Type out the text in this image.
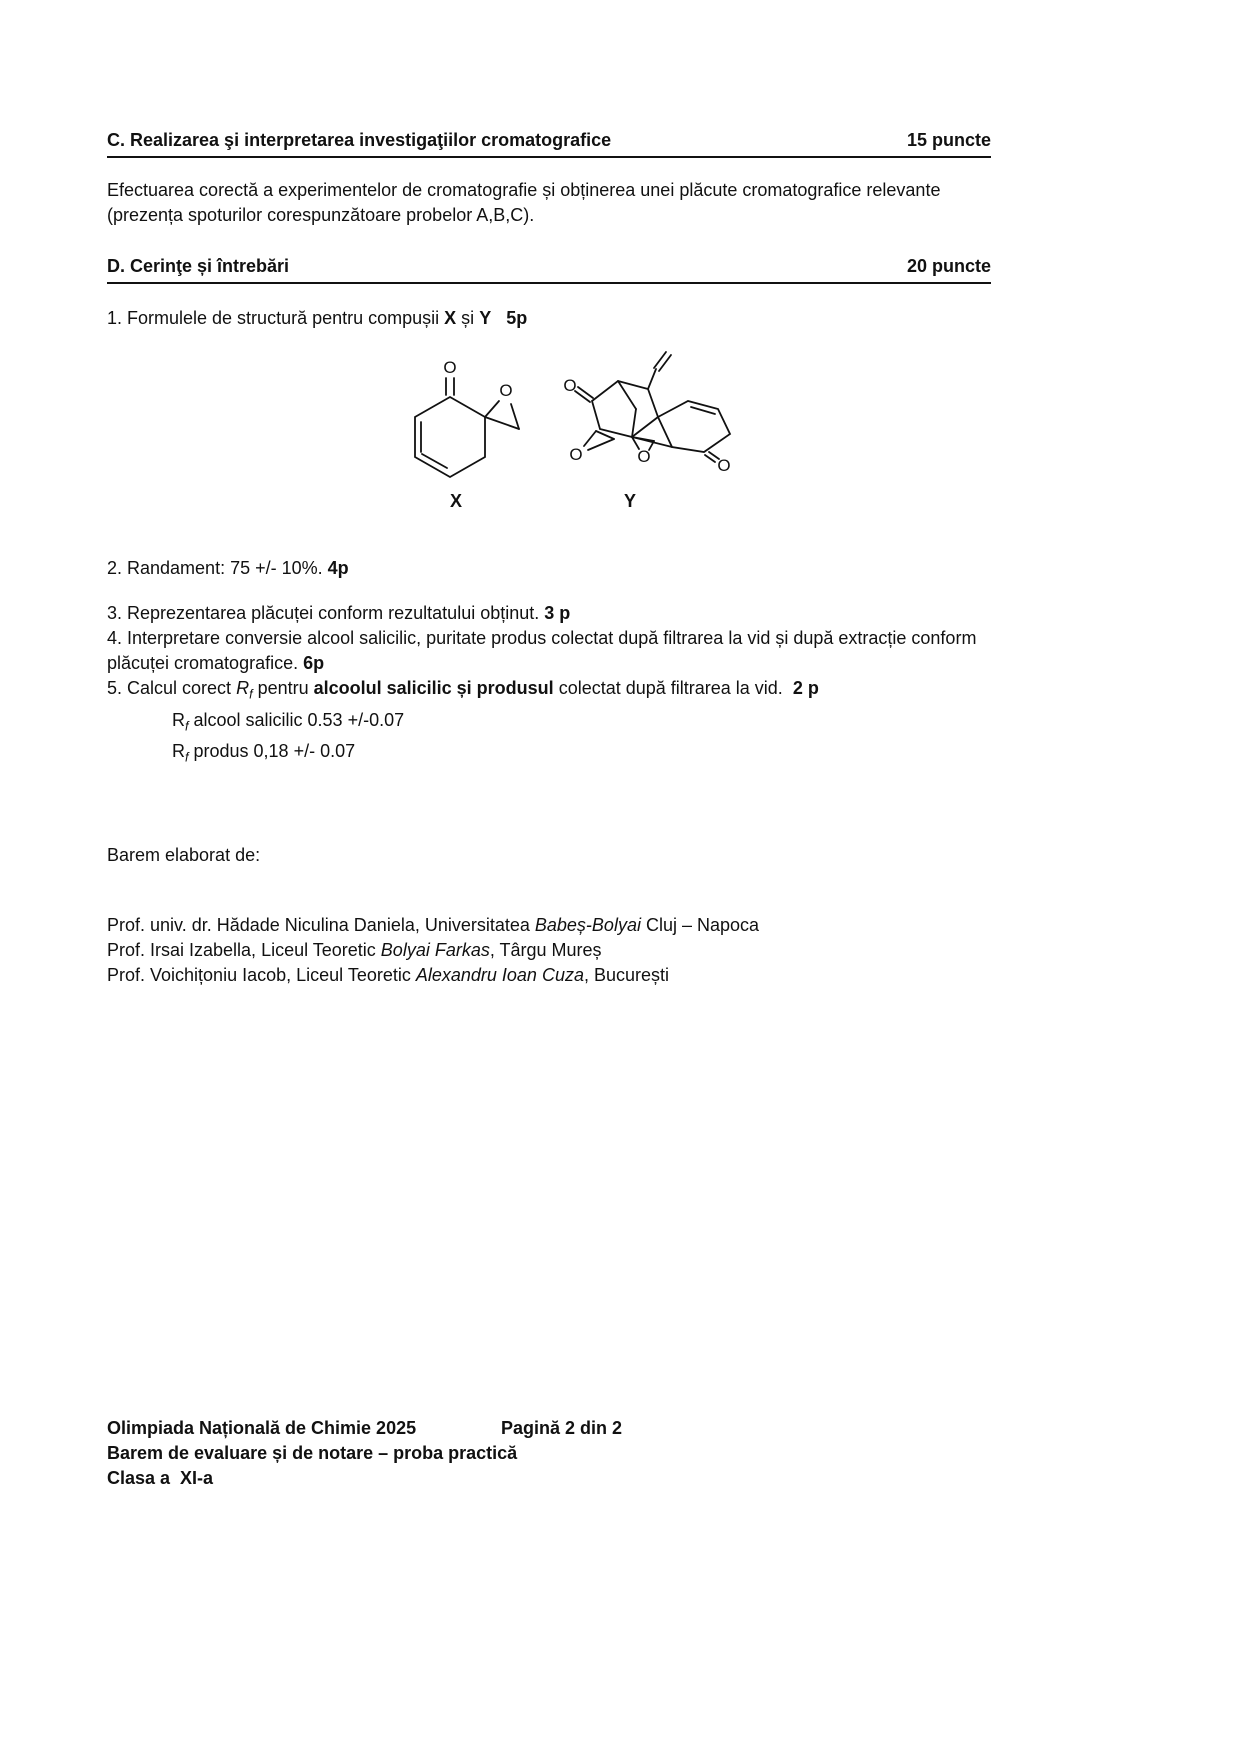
C. Realizarea şi interpretarea investigaţiilor cromatografice	15 puncte
Efectuarea corectă a experimentelor de cromatografie și obținerea unei plăcute cromatografice relevante (prezența spoturilor corespunzătoare probelor A,B,C).
D. Cerinţe și întrebări	20 puncte
1. Formulele de structură pentru compușii X și Y 5p
O
O	O
O
O	O
X	Y
2. Randament: 75 +/- 10%. 4p
3. Reprezentarea plăcuței conform rezultatului obținut. 3 p
4. Interpretare conversie alcool salicilic, puritate produs colectat după filtrarea la vid și după extracție conform plăcuței cromatografice. 6p
5. Calcul corect $R_f$ pentru alcoolul salicilic și produsul colectat după filtrarea la vid.  2 p
$R_f$ alcool salicilic 0.53 +/-0.07
$R_f$ produs 0,18 +/- 0.07
Barem elaborat de:
Prof. univ. dr. Hădade Niculina Daniela, Universitatea Babeș-Bolyai Cluj – Napoca
Prof. Irsai Izabella, Liceul Teoretic Bolyai Farkas, Târgu Mureș
Prof. Voichițoniu Iacob, Liceul Teoretic Alexandru Ioan Cuza, București
Olimpiada Națională de Chimie 2025	Pagină 2 din 2
Barem de evaluare și de notare – proba practică
Clasa a  XI-a
